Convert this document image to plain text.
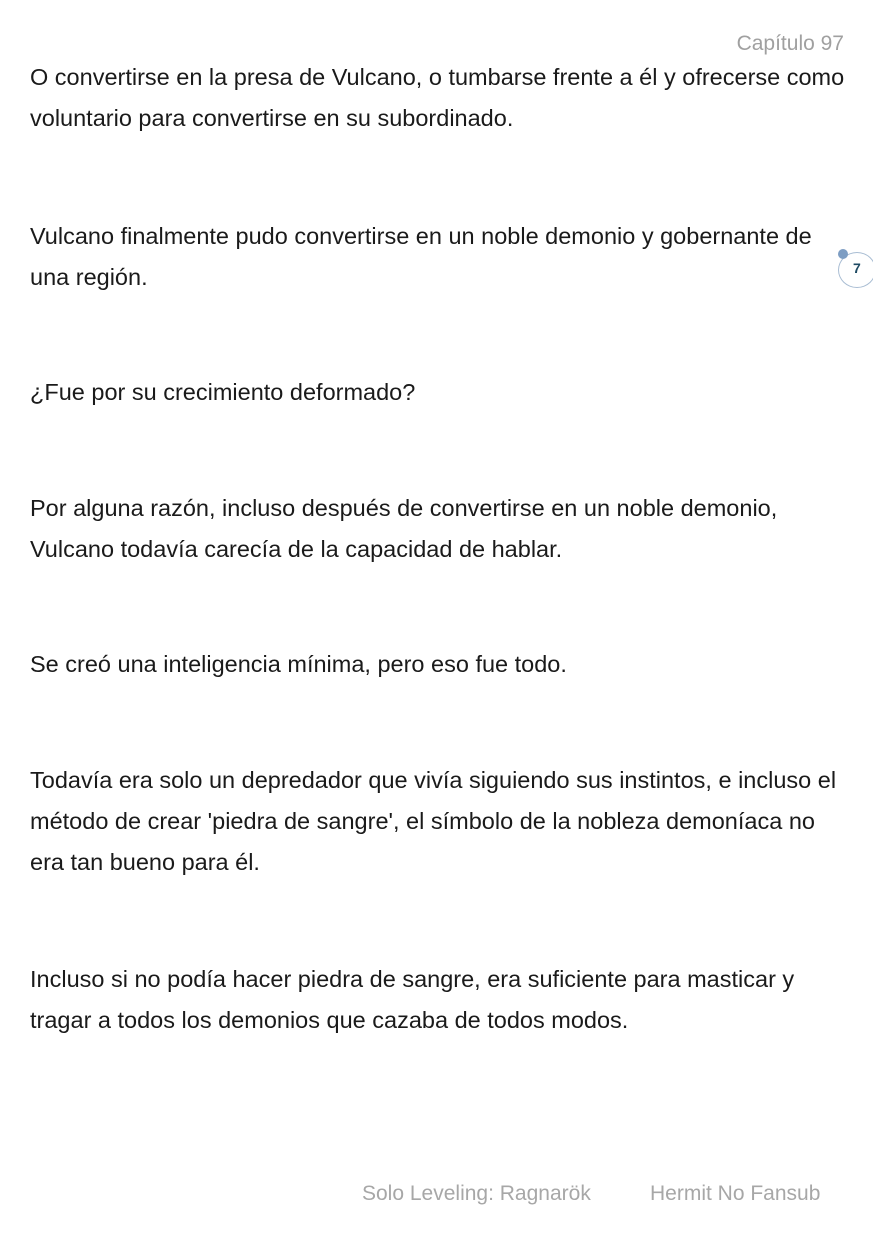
Capítulo 97

O convertirse en la presa de Vulcano, o tumbarse frente a él y ofrecerse como voluntario para convertirse en su subordinado.

Vulcano finalmente pudo convertirse en un noble demonio y gobernante de una región.

¿Fue por su crecimiento deformado?

Por alguna razón, incluso después de convertirse en un noble demonio, Vulcano todavía carecía de la capacidad de hablar.

Se creó una inteligencia mínima, pero eso fue todo.

Todavía era solo un depredador que vivía siguiendo sus instintos, e incluso el método de crear 'piedra de sangre', el símbolo de la nobleza demoníaca no era tan bueno para él.

Incluso si no podía hacer piedra de sangre, era suficiente para masticar y tragar a todos los demonios que cazaba de todos modos.

7
Solo Leveling: Ragnarök	Hermit No Fansub
